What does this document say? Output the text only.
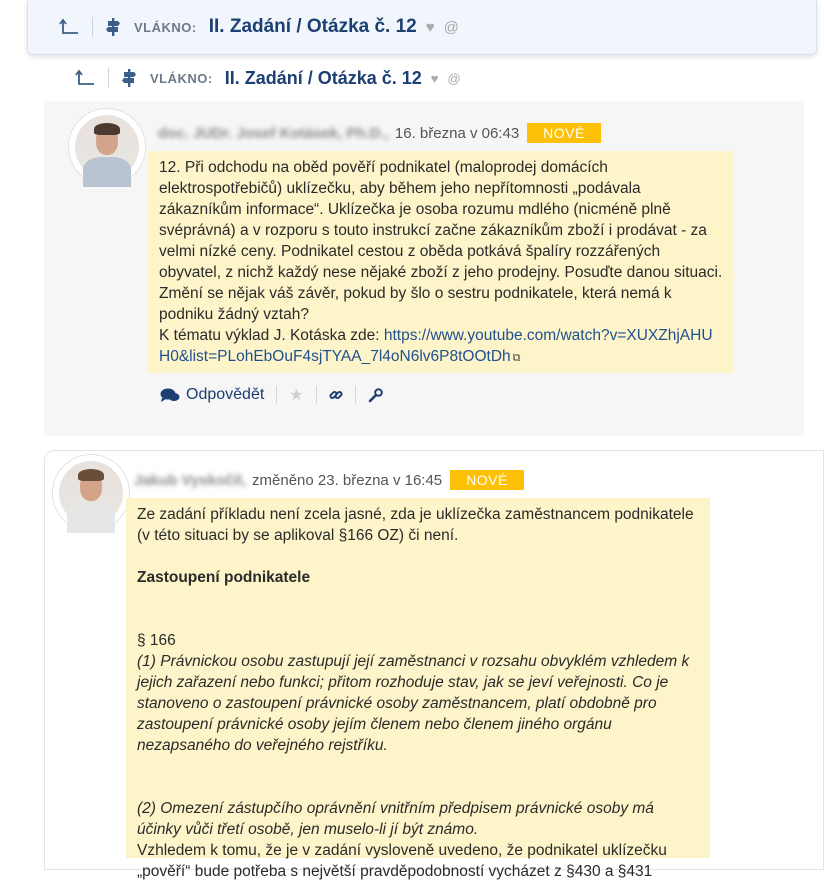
VLÁKNO: II. Zadání / Otázka č. 12 ♥ @
VLÁKNO: II. Zadání / Otázka č. 12 ♥ @
doc. JUDr. Josef Kotásek, Ph.D., 16. března v 06:43	NOVÉ

12. Při odchodu na oběd pověří podnikatel (maloprodej domácích elektrospotřebičů) uklízečku, aby během jeho nepřítomnosti „podávala zákazníkům informace“. Uklízečka je osoba rozumu mdlého (nicméně plně svéprávná) a v rozporu s touto instrukcí začne zákazníkům zboží i prodávat - za velmi nízké ceny. Podnikatel cestou z oběda potkává špalíry rozzářených obyvatel, z nichž každý nese nějaké zboží z jeho prodejny. Posuďte danou situaci. Změní se nějak váš závěr, pokud by šlo o sestru podnikatele, která nemá k podniku žádný vztah?

K tématu výklad J. Kotáska zde: https://www.youtube.com/watch?v=XUXZhjAHUH0&list=PLohEbOuF4sjTYAA_7l4oN6lv6P8tOOtDh ⧉

Odpovědět ★
Jakub Vyskočil, změněno 23. března v 16:45	NOVÉ

Ze zadání příkladu není zcela jasné, zda je uklízečka zaměstnancem podnikatele (v této situaci by se aplikoval §166 OZ) či není.

Zastoupení podnikatele

§ 166

(1) Právnickou osobu zastupují její zaměstnanci v rozsahu obvyklém vzhledem k jejich zařazení nebo funkci; přitom rozhoduje stav, jak se jeví veřejnosti. Co je stanoveno o zastoupení právnické osoby zaměstnancem, platí obdobně pro zastoupení právnické osoby jejím členem nebo členem jiného orgánu nezapsaného do veřejného rejstříku.

(2) Omezení zástupčího oprávnění vnitřním předpisem právnické osoby má účinky vůči třetí osobě, jen muselo-li jí být známo.

Vzhledem k tomu, že je v zadání vysloveně uvedeno, že podnikatel uklízečku „pověří“ bude potřeba s největší pravděpodobností vycházet z §430 a §431
